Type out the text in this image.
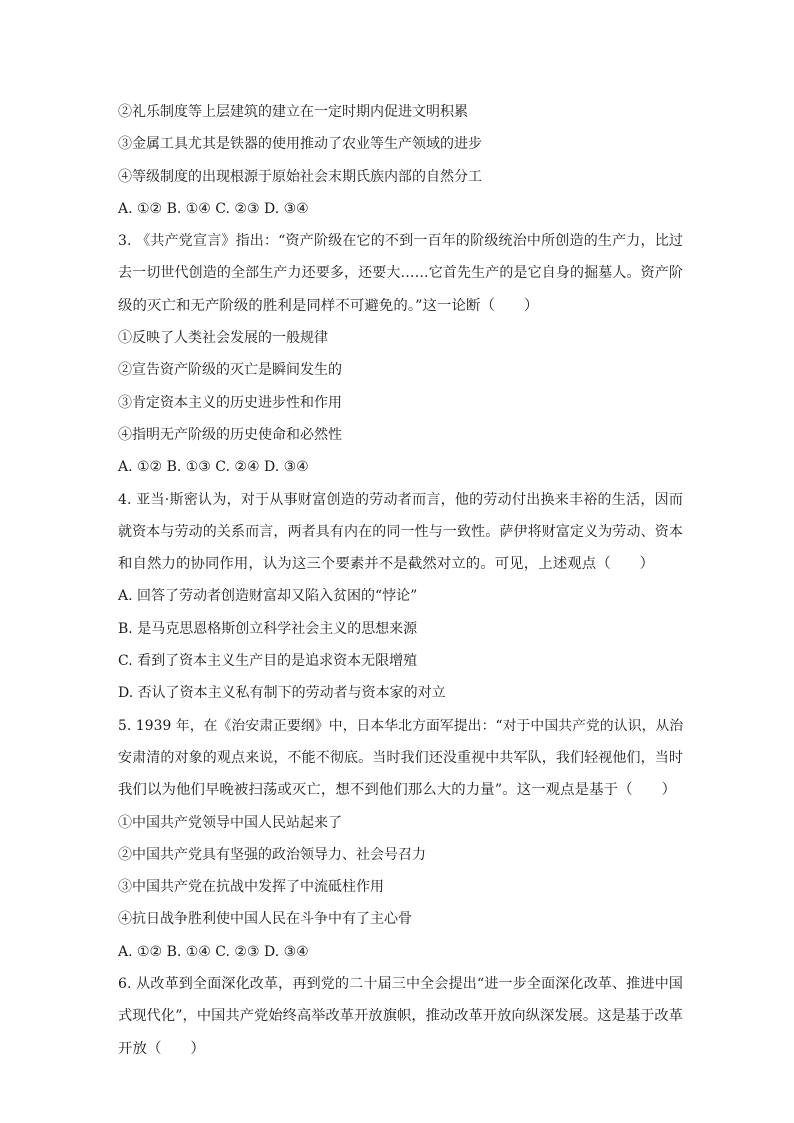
②礼乐制度等上层建筑的建立在一定时期内促进文明积累
③金属工具尤其是铁器的使用推动了农业等生产领域的进步
④等级制度的出现根源于原始社会末期氏族内部的自然分工
A. ①② B. ①④ C. ②③ D. ③④
3. 《共产党宣言》指出：“资产阶级在它的不到一百年的阶级统治中所创造的生产力，比过
去一切世代创造的全部生产力还要多，还要大……它首先生产的是它自身的掘墓人。资产阶
级的灭亡和无产阶级的胜利是同样不可避免的。”这一论断（　　）
①反映了人类社会发展的一般规律
②宣告资产阶级的灭亡是瞬间发生的
③肯定资本主义的历史进步性和作用
④指明无产阶级的历史使命和必然性
A. ①② B. ①③ C. ②④ D. ③④
4. 亚当·斯密认为，对于从事财富创造的劳动者而言，他的劳动付出换来丰裕的生活，因而
就资本与劳动的关系而言，两者具有内在的同一性与一致性。萨伊将财富定义为劳动、资本
和自然力的协同作用，认为这三个要素并不是截然对立的。可见，上述观点（　　）
A. 回答了劳动者创造财富却又陷入贫困的“悖论”
B. 是马克思恩格斯创立科学社会主义的思想来源
C. 看到了资本主义生产目的是追求资本无限增殖
D. 否认了资本主义私有制下的劳动者与资本家的对立
5. 1939 年，在《治安肃正要纲》中，日本华北方面军提出：“对于中国共产党的认识，从治
安肃清的对象的观点来说，不能不彻底。当时我们还没重视中共军队，我们轻视他们，当时
我们以为他们早晚被扫荡或灭亡，想不到他们那么大的力量”。这一观点是基于（　　）
①中国共产党领导中国人民站起来了
②中国共产党具有坚强的政治领导力、社会号召力
③中国共产党在抗战中发挥了中流砥柱作用
④抗日战争胜利使中国人民在斗争中有了主心骨
A. ①② B. ①④ C. ②③ D. ③④
6. 从改革到全面深化改革，再到党的二十届三中全会提出“进一步全面深化改革、推进中国
式现代化”，中国共产党始终高举改革开放旗帜，推动改革开放向纵深发展。这是基于改革
开放（　　）
